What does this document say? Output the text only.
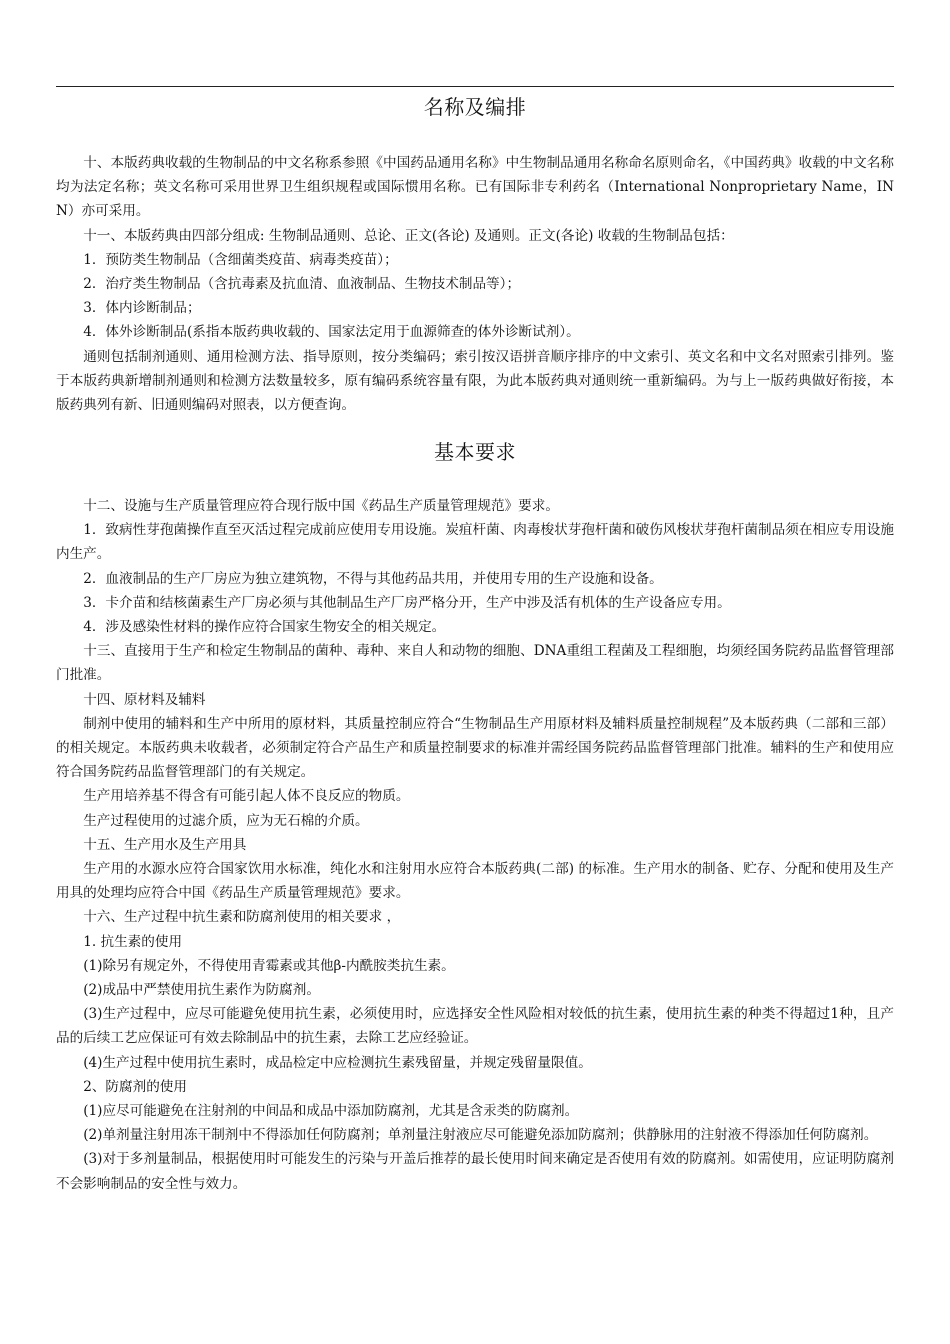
名称及编排

十、本版药典收载的生物制品的中文名称系参照《中国药品通用名称》中生物制品通用名称命名原则命名，《中国药典》收载的中文名称均为法定名称；英文名称可采用世界卫生组织规程或国际惯用名称。已有国际非专利药名（International Nonproprietary Name，INN）亦可采用。

十一、本版药典由四部分组成: 生物制品通则、总论、正文(各论) 及通则。正文(各论) 收载的生物制品包括：

1．预防类生物制品（含细菌类疫苗、病毒类疫苗）；

2．治疗类生物制品（含抗毒素及抗血清、血液制品、生物技术制品等）；

3．体内诊断制品；

4．体外诊断制品(系指本版药典收载的、国家法定用于血源筛查的体外诊断试剂）。

通则包括制剂通则、通用检测方法、指导原则，按分类编码；索引按汉语拼音顺序排序的中文索引、英文名和中文名对照索引排列。鉴于本版药典新增制剂通则和检测方法数量较多，原有编码系统容量有限，为此本版药典对通则统一重新编码。为与上一版药典做好衔接，本版药典列有新、旧通则编码对照表，以方便查询。

基本要求

十二、设施与生产质量管理应符合现行版中国《药品生产质量管理规范》要求。

1．致病性芽孢菌操作直至灭活过程完成前应使用专用设施。炭疽杆菌、肉毒梭状芽孢杆菌和破伤风梭状芽孢杆菌制品须在相应专用设施内生产。

2．血液制品的生产厂房应为独立建筑物，不得与其他药品共用，并使用专用的生产设施和设备。

3．卡介苗和结核菌素生产厂房必须与其他制品生产厂房严格分开，生产中涉及活有机体的生产设备应专用。

4．涉及感染性材料的操作应符合国家生物安全的相关规定。

十三、直接用于生产和检定生物制品的菌种、毒种、来自人和动物的细胞、DNA重组工程菌及工程细胞，均须经国务院药品监督管理部门批准。

十四、原材料及辅料

制剂中使用的辅料和生产中所用的原材料，其质量控制应符合“生物制品生产用原材料及辅料质量控制规程”及本版药典（二部和三部）的相关规定。本版药典未收载者，必须制定符合产品生产和质量控制要求的标准并需经国务院药品监督管理部门批准。辅料的生产和使用应符合国务院药品监督管理部门的有关规定。

生产用培养基不得含有可能引起人体不良反应的物质。

生产过程使用的过滤介质，应为无石棉的介质。

十五、生产用水及生产用具

生产用的水源水应符合国家饮用水标准，纯化水和注射用水应符合本版药典(二部) 的标准。生产用水的制备、贮存、分配和使用及生产用具的处理均应符合中国《药品生产质量管理规范》要求。

十六、生产过程中抗生素和防腐剂使用的相关要求 ，

1. 抗生素的使用

(1)除另有规定外，不得使用青霉素或其他β-内酰胺类抗生素。

(2)成品中严禁使用抗生素作为防腐剂。

(3)生产过程中，应尽可能避免使用抗生素，必须使用时，应选择安全性风险相对较低的抗生素，使用抗生素的种类不得超过1种，且产品的后续工艺应保证可有效去除制品中的抗生素，去除工艺应经验证。

(4)生产过程中使用抗生素时，成品检定中应检测抗生素残留量，并规定残留量限值。

2、防腐剂的使用

(1)应尽可能避免在注射剂的中间品和成品中添加防腐剂，尤其是含汞类的防腐剂。

(2)单剂量注射用冻干制剂中不得添加任何防腐剂；单剂量注射液应尽可能避免添加防腐剂；供静脉用的注射液不得添加任何防腐剂。

(3)对于多剂量制品，根据使用时可能发生的污染与开盖后推荐的最长使用时间来确定是否使用有效的防腐剂。如需使用，应证明防腐剂不会影响制品的安全性与效力。
